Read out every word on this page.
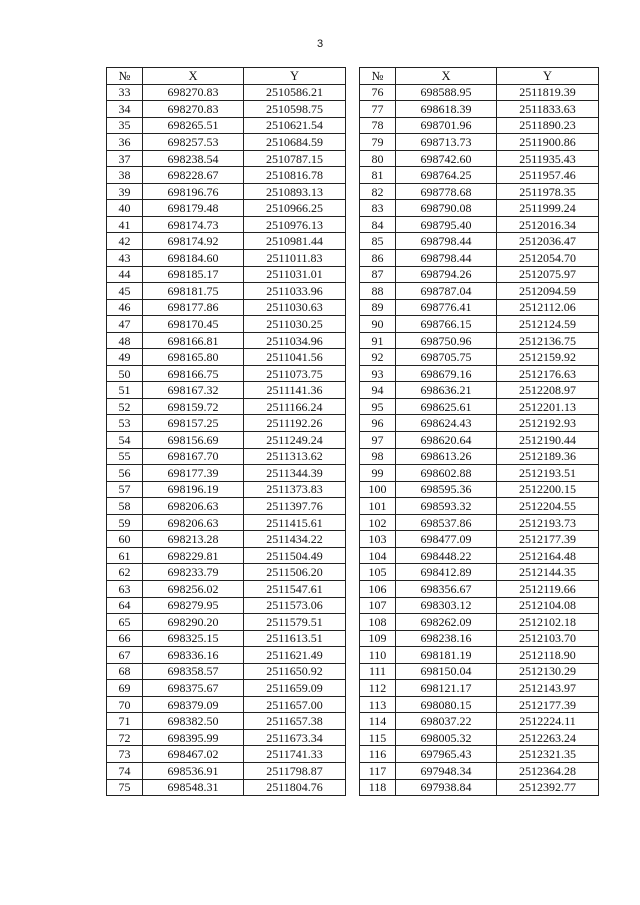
3
№	X	Y		№	X	Y
33	698270.83	2510586.21		76	698588.95	2511819.39
34	698270.83	2510598.75		77	698618.39	2511833.63
35	698265.51	2510621.54		78	698701.96	2511890.23
36	698257.53	2510684.59		79	698713.73	2511900.86
37	698238.54	2510787.15		80	698742.60	2511935.43
38	698228.67	2510816.78		81	698764.25	2511957.46
39	698196.76	2510893.13		82	698778.68	2511978.35
40	698179.48	2510966.25		83	698790.08	2511999.24
41	698174.73	2510976.13		84	698795.40	2512016.34
42	698174.92	2510981.44		85	698798.44	2512036.47
43	698184.60	2511011.83		86	698798.44	2512054.70
44	698185.17	2511031.01		87	698794.26	2512075.97
45	698181.75	2511033.96		88	698787.04	2512094.59
46	698177.86	2511030.63		89	698776.41	2512112.06
47	698170.45	2511030.25		90	698766.15	2512124.59
48	698166.81	2511034.96		91	698750.96	2512136.75
49	698165.80	2511041.56		92	698705.75	2512159.92
50	698166.75	2511073.75		93	698679.16	2512176.63
51	698167.32	2511141.36		94	698636.21	2512208.97
52	698159.72	2511166.24		95	698625.61	2512201.13
53	698157.25	2511192.26		96	698624.43	2512192.93
54	698156.69	2511249.24		97	698620.64	2512190.44
55	698167.70	2511313.62		98	698613.26	2512189.36
56	698177.39	2511344.39		99	698602.88	2512193.51
57	698196.19	2511373.83		100	698595.36	2512200.15
58	698206.63	2511397.76		101	698593.32	2512204.55
59	698206.63	2511415.61		102	698537.86	2512193.73
60	698213.28	2511434.22		103	698477.09	2512177.39
61	698229.81	2511504.49		104	698448.22	2512164.48
62	698233.79	2511506.20		105	698412.89	2512144.35
63	698256.02	2511547.61		106	698356.67	2512119.66
64	698279.95	2511573.06		107	698303.12	2512104.08
65	698290.20	2511579.51		108	698262.09	2512102.18
66	698325.15	2511613.51		109	698238.16	2512103.70
67	698336.16	2511621.49		110	698181.19	2512118.90
68	698358.57	2511650.92		111	698150.04	2512130.29
69	698375.67	2511659.09		112	698121.17	2512143.97
70	698379.09	2511657.00		113	698080.15	2512177.39
71	698382.50	2511657.38		114	698037.22	2512224.11
72	698395.99	2511673.34		115	698005.32	2512263.24
73	698467.02	2511741.33		116	697965.43	2512321.35
74	698536.91	2511798.87		117	697948.34	2512364.28
75	698548.31	2511804.76		118	697938.84	2512392.77
